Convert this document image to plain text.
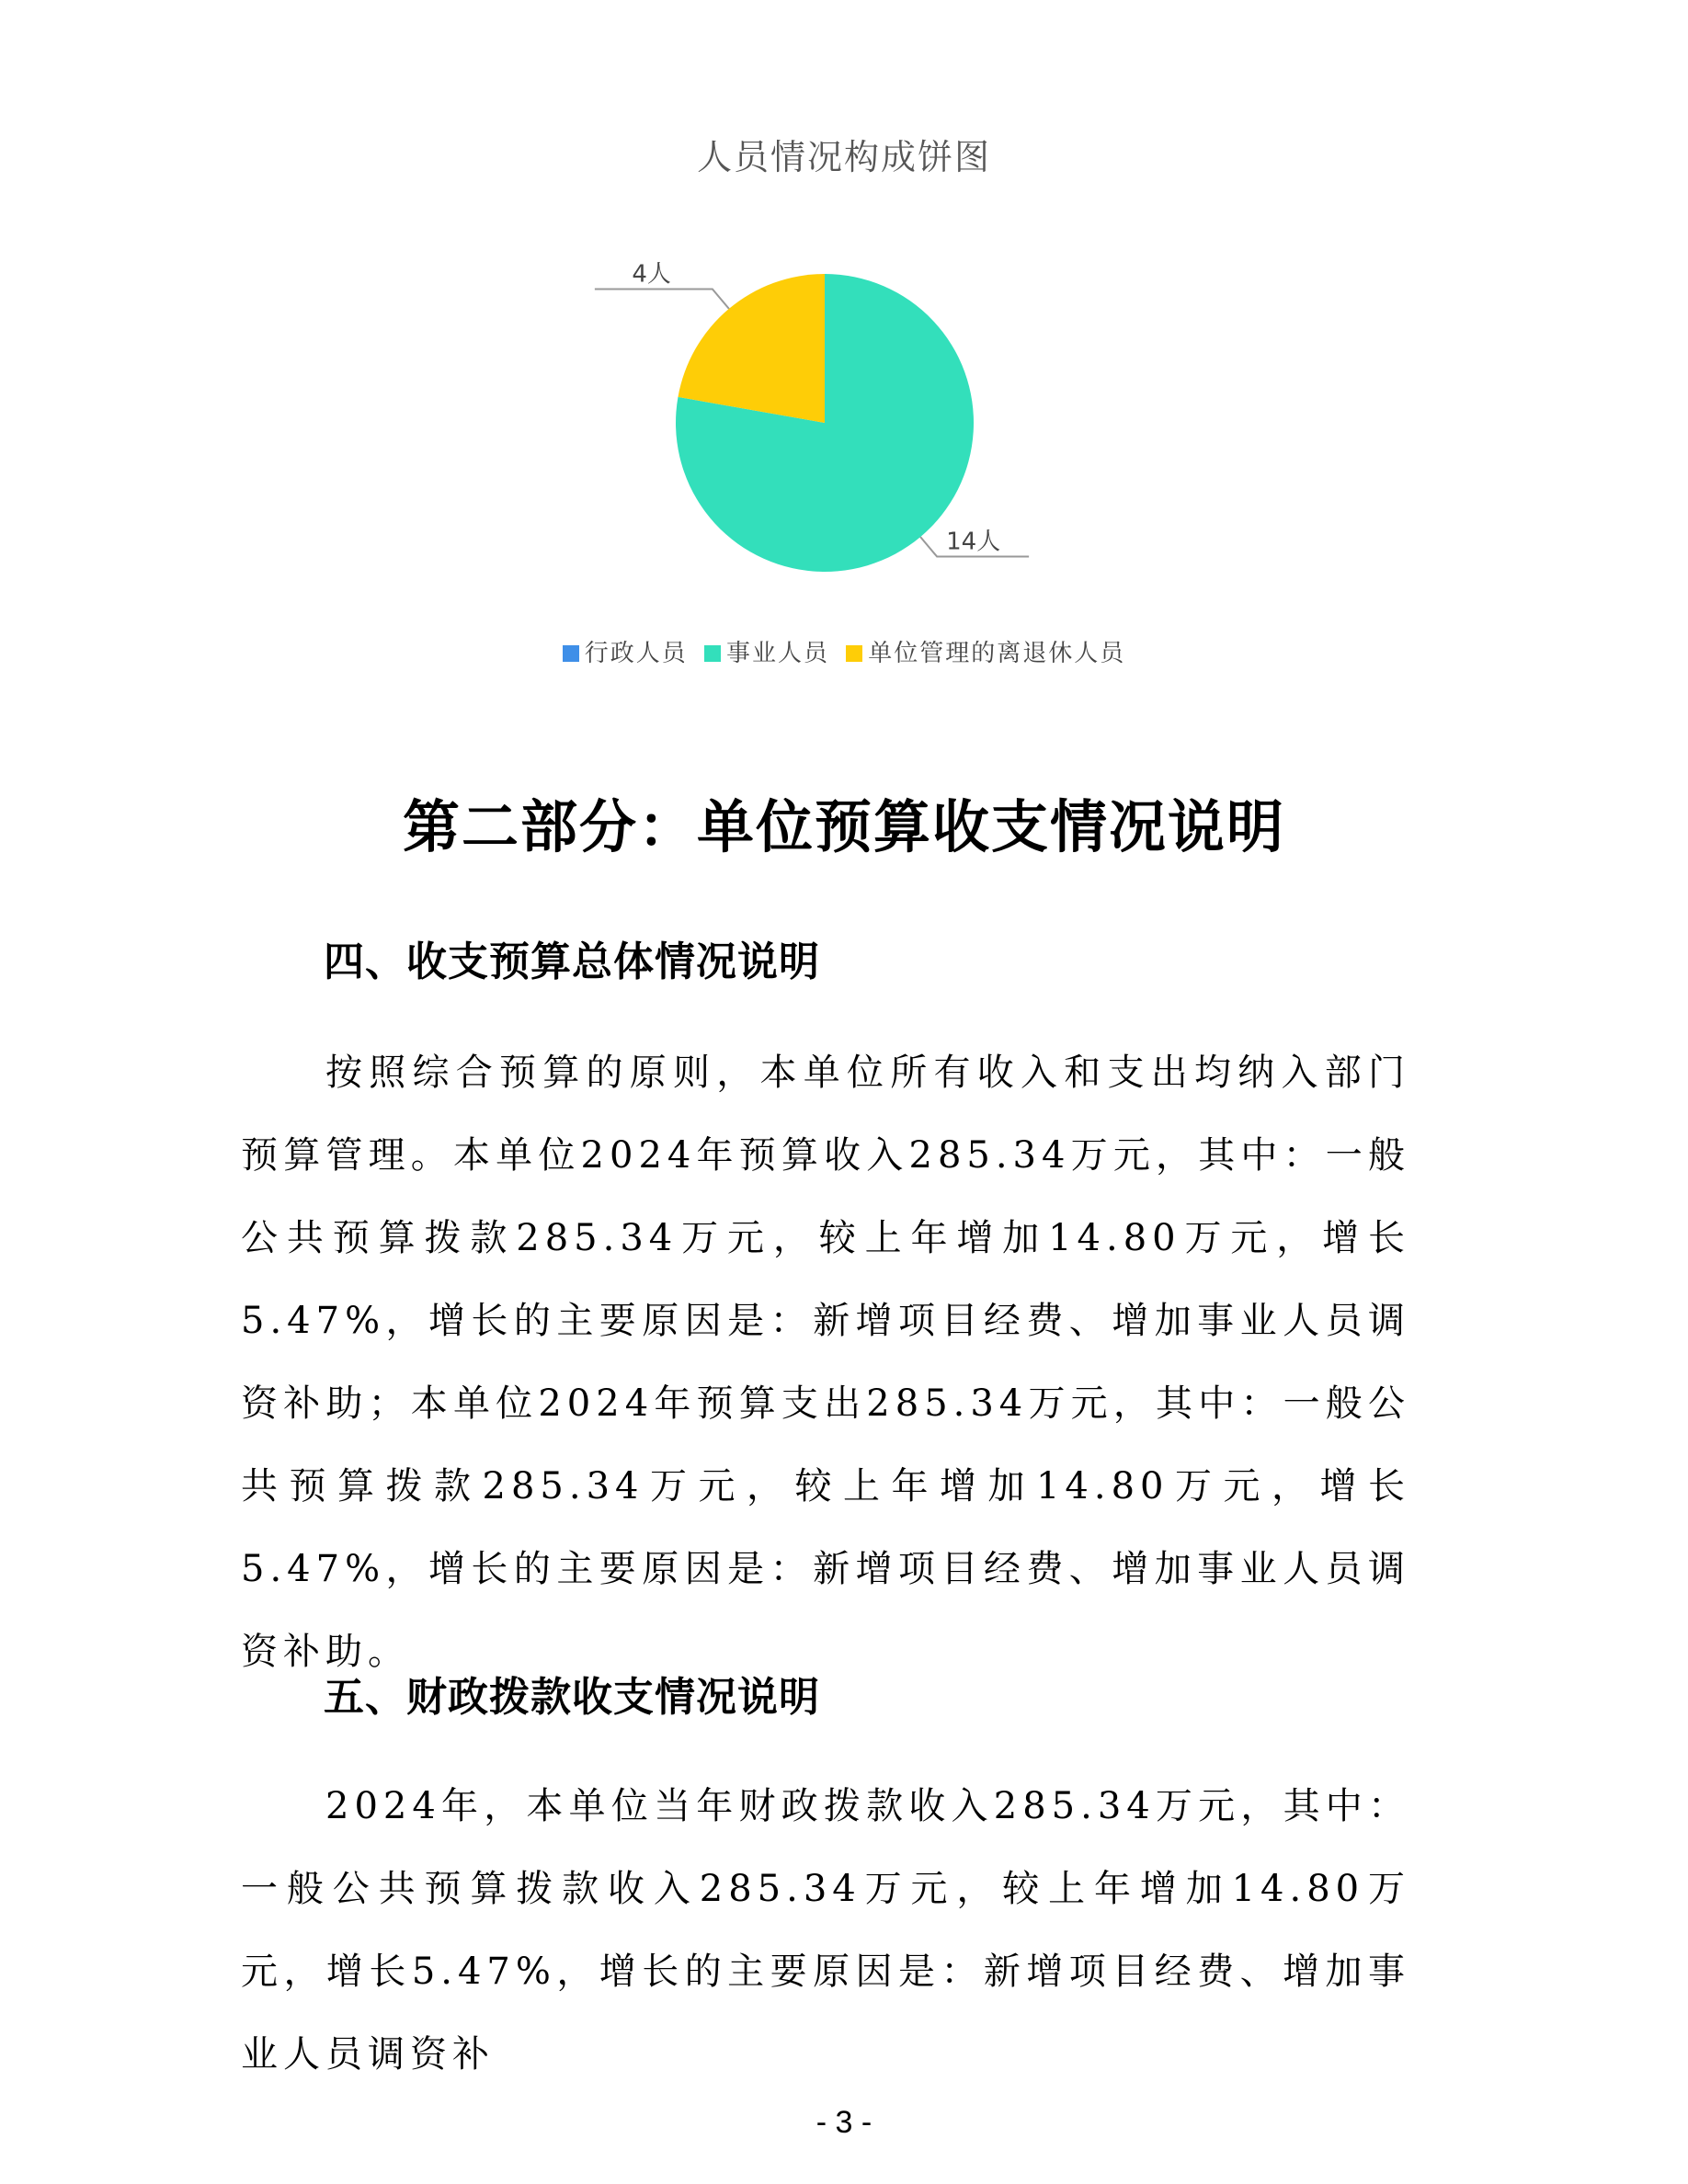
人员情况构成饼图
14人
4人
行政人员 事业人员 单位管理的离退休人员
第二部分：单位预算收支情况说明
四、收支预算总体情况说明

按照综合预算的原则，本单位所有收入和支出均纳入部门预算管理。本单位2024年预算收入285.34万元，其中：一般公共预算拨款285.34万元，较上年增加14.80万元，增长5.47%，增长的主要原因是：新增项目经费、增加事业人员调资补助；本单位2024年预算支出285.34万元，其中：一般公共预算拨款285.34万元，较上年增加14.80万元，增长5.47%，增长的主要原因是：新增项目经费、增加事业人员调资补助。

五、财政拨款收支情况说明

2024年，本单位当年财政拨款收入285.34万元，其中：一般公共预算拨款收入285.34万元，较上年增加14.80万元，增长5.47%，增长的主要原因是：新增项目经费、增加事业人员调资补

- 3 -
